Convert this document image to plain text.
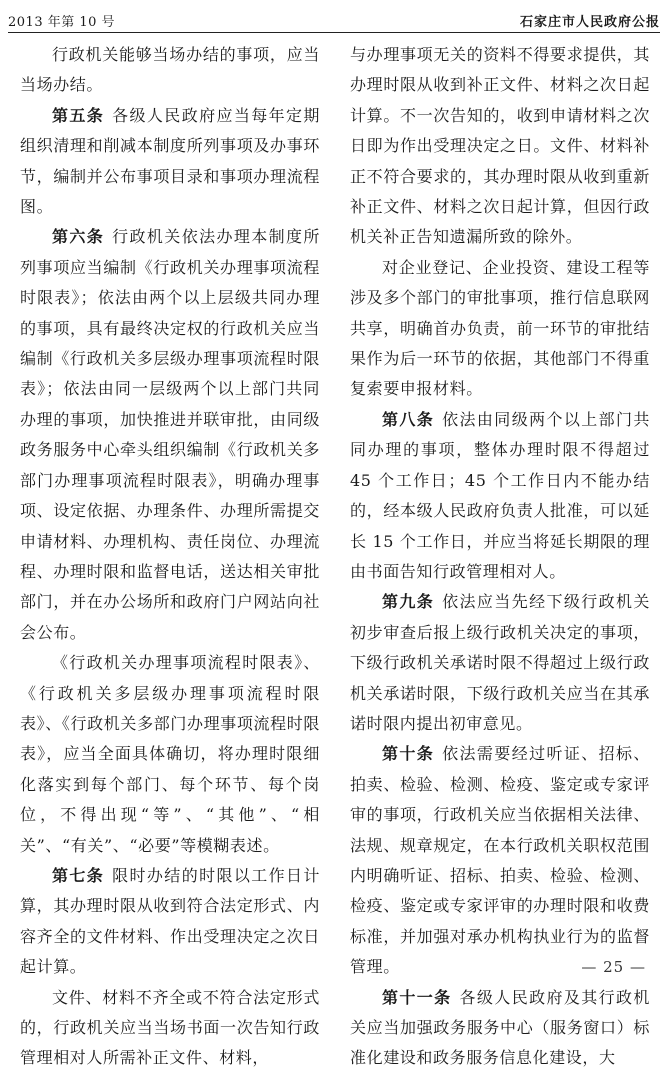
2013 年第 10 号	石家庄市人民政府公报

行政机关能够当场办结的事项，应当当场办结。

第五条 各级人民政府应当每年定期组织清理和削减本制度所列事项及办事环节，编制并公布事项目录和事项办理流程图。

第六条 行政机关依法办理本制度所列事项应当编制《行政机关办理事项流程时限表》；依法由两个以上层级共同办理的事项，具有最终决定权的行政机关应当编制《行政机关多层级办理事项流程时限表》；依法由同一层级两个以上部门共同办理的事项，加快推进并联审批，由同级政务服务中心牵头组织编制《行政机关多部门办理事项流程时限表》，明确办理事项、设定依据、办理条件、办理所需提交申请材料、办理机构、责任岗位、办理流程、办理时限和监督电话，送达相关审批部门，并在办公场所和政府门户网站向社会公布。

《行政机关办理事项流程时限表》、《行政机关多层级办理事项流程时限表》、《行政机关多部门办理事项流程时限表》，应当全面具体确切，将办理时限细化落实到每个部门、每个环节、每个岗位，不得出现“等”、“其他”、“相关”、“有关”、“必要”等模糊表述。

第七条 限时办结的时限以工作日计算，其办理时限从收到符合法定形式、内容齐全的文件材料、作出受理决定之次日起计算。

文件、材料不齐全或不符合法定形式的，行政机关应当当场书面一次告知行政管理相对人所需补正文件、材料，

与办理事项无关的资料不得要求提供，其办理时限从收到补正文件、材料之次日起计算。不一次告知的，收到申请材料之次日即为作出受理决定之日。文件、材料补正不符合要求的，其办理时限从收到重新补正文件、材料之次日起计算，但因行政机关补正告知遗漏所致的除外。

对企业登记、企业投资、建设工程等涉及多个部门的审批事项，推行信息联网共享，明确首办负责，前一环节的审批结果作为后一环节的依据，其他部门不得重复索要申报材料。

第八条 依法由同级两个以上部门共同办理的事项，整体办理时限不得超过 45 个工作日；45 个工作日内不能办结的，经本级人民政府负责人批准，可以延长 15 个工作日，并应当将延长期限的理由书面告知行政管理相对人。

第九条 依法应当先经下级行政机关初步审查后报上级行政机关决定的事项，下级行政机关承诺时限不得超过上级行政机关承诺时限，下级行政机关应当在其承诺时限内提出初审意见。

第十条 依法需要经过听证、招标、拍卖、检验、检测、检疫、鉴定或专家评审的事项，行政机关应当依据相关法律、法规、规章规定，在本行政机关职权范围内明确听证、招标、拍卖、检验、检测、检疫、鉴定或专家评审的办理时限和收费标准，并加强对承办机构执业行为的监督管理。

第十一条 各级人民政府及其行政机关应当加强政务服务中心（服务窗口）标准化建设和政务服务信息化建设，大

— 25 —
